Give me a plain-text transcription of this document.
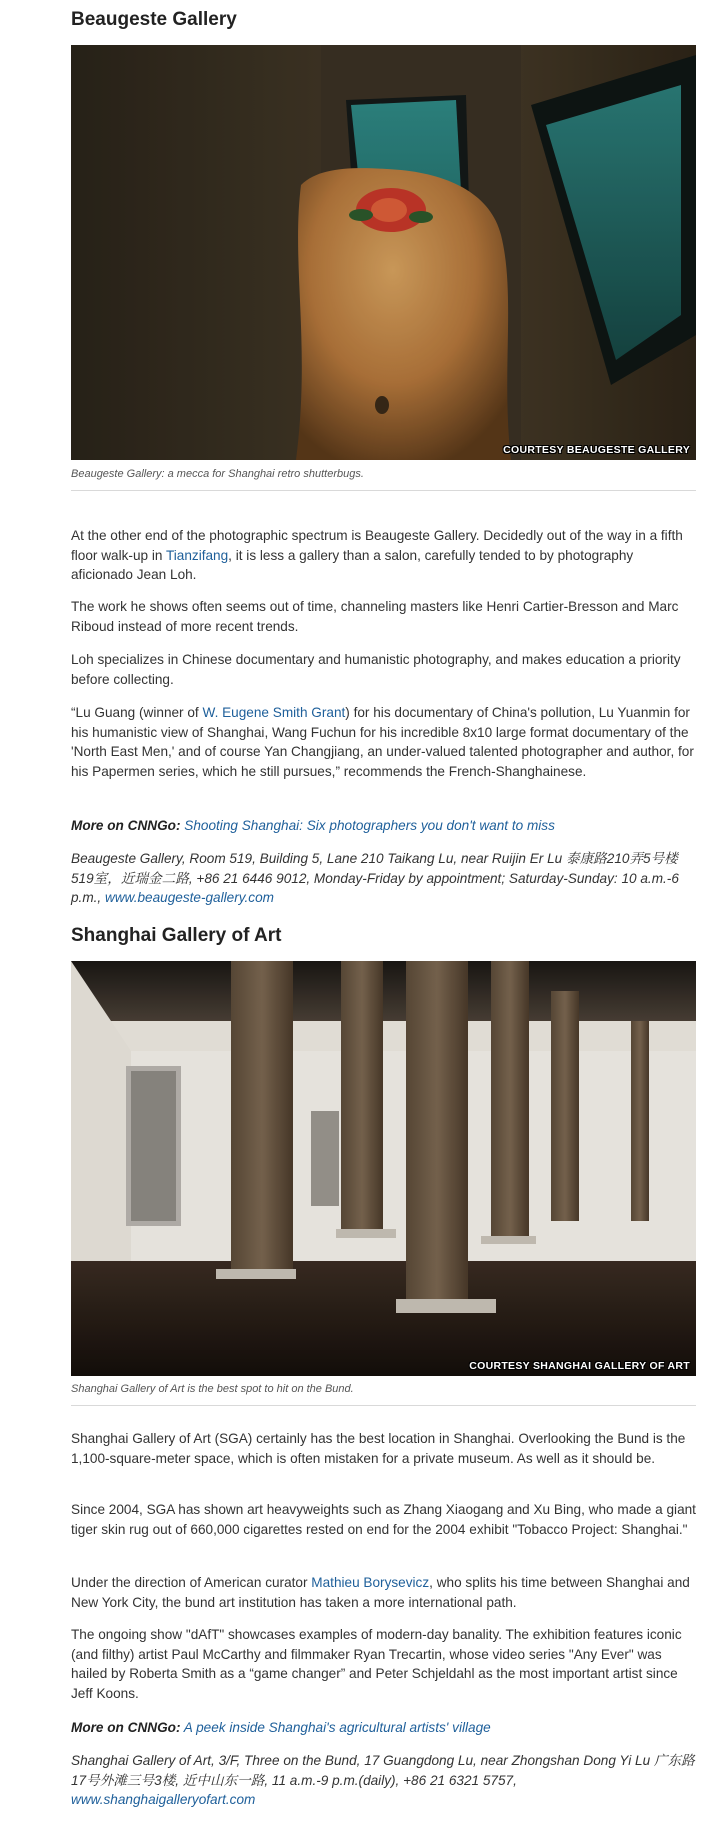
Beaugeste Gallery
COURTESY BEAUGESTE GALLERY
Beaugeste Gallery: a mecca for Shanghai retro shutterbugs.

At the other end of the photographic spectrum is Beaugeste Gallery. Decidedly out of the way in a fifth floor walk-up in Tianzifang, it is less a gallery than a salon, carefully tended to by photography aficionado Jean Loh.

The work he shows often seems out of time, channeling masters like Henri Cartier-Bresson and Marc Riboud instead of more recent trends.

Loh specializes in Chinese documentary and humanistic photography, and makes education a priority before collecting.

“Lu Guang (winner of W. Eugene Smith Grant) for his documentary of China's pollution, Lu Yuanmin for his humanistic view of Shanghai, Wang Fuchun for his incredible 8x10 large format documentary of the 'North East Men,' and of course Yan Changjiang, an under-valued talented photographer and author, for his Papermen series, which he still pursues,” recommends the French-Shanghainese.

More on CNNGo: Shooting Shanghai: Six photographers you don't want to miss

Beaugeste Gallery, Room 519, Building 5, Lane 210 Taikang Lu, near Ruijin Er Lu 泰康路210弄5号楼519室，近瑞金二路, +86 21 6446 9012, Monday-Friday by appointment; Saturday-Sunday: 10 a.m.-6 p.m., www.beaugeste-gallery.com

Shanghai Gallery of Art
COURTESY SHANGHAI GALLERY OF ART
Shanghai Gallery of Art is the best spot to hit on the Bund.

Shanghai Gallery of Art (SGA) certainly has the best location in Shanghai. Overlooking the Bund is the 1,100-square-meter space, which is often mistaken for a private museum. As well as it should be.

Since 2004, SGA has shown art heavyweights such as Zhang Xiaogang and Xu Bing, who made a giant tiger skin rug out of 660,000 cigarettes rested on end for the 2004 exhibit "Tobacco Project: Shanghai."

Under the direction of American curator Mathieu Borysevicz, who splits his time between Shanghai and New York City, the bund art institution has taken a more international path.

The ongoing show "dAfT" showcases examples of modern-day banality. The exhibition features iconic (and filthy) artist Paul McCarthy and filmmaker Ryan Trecartin, whose video series "Any Ever" was hailed by Roberta Smith as a “game changer” and Peter Schjeldahl as the most important artist since Jeff Koons.

More on CNNGo: A peek inside Shanghai's agricultural artists' village

Shanghai Gallery of Art, 3/F, Three on the Bund, 17 Guangdong Lu, near Zhongshan Dong Yi Lu 广东路17号外滩三号3楼, 近中山东一路, 11 a.m.-9 p.m.(daily), +86 21 6321 5757, www.shanghaigalleryofart.com
